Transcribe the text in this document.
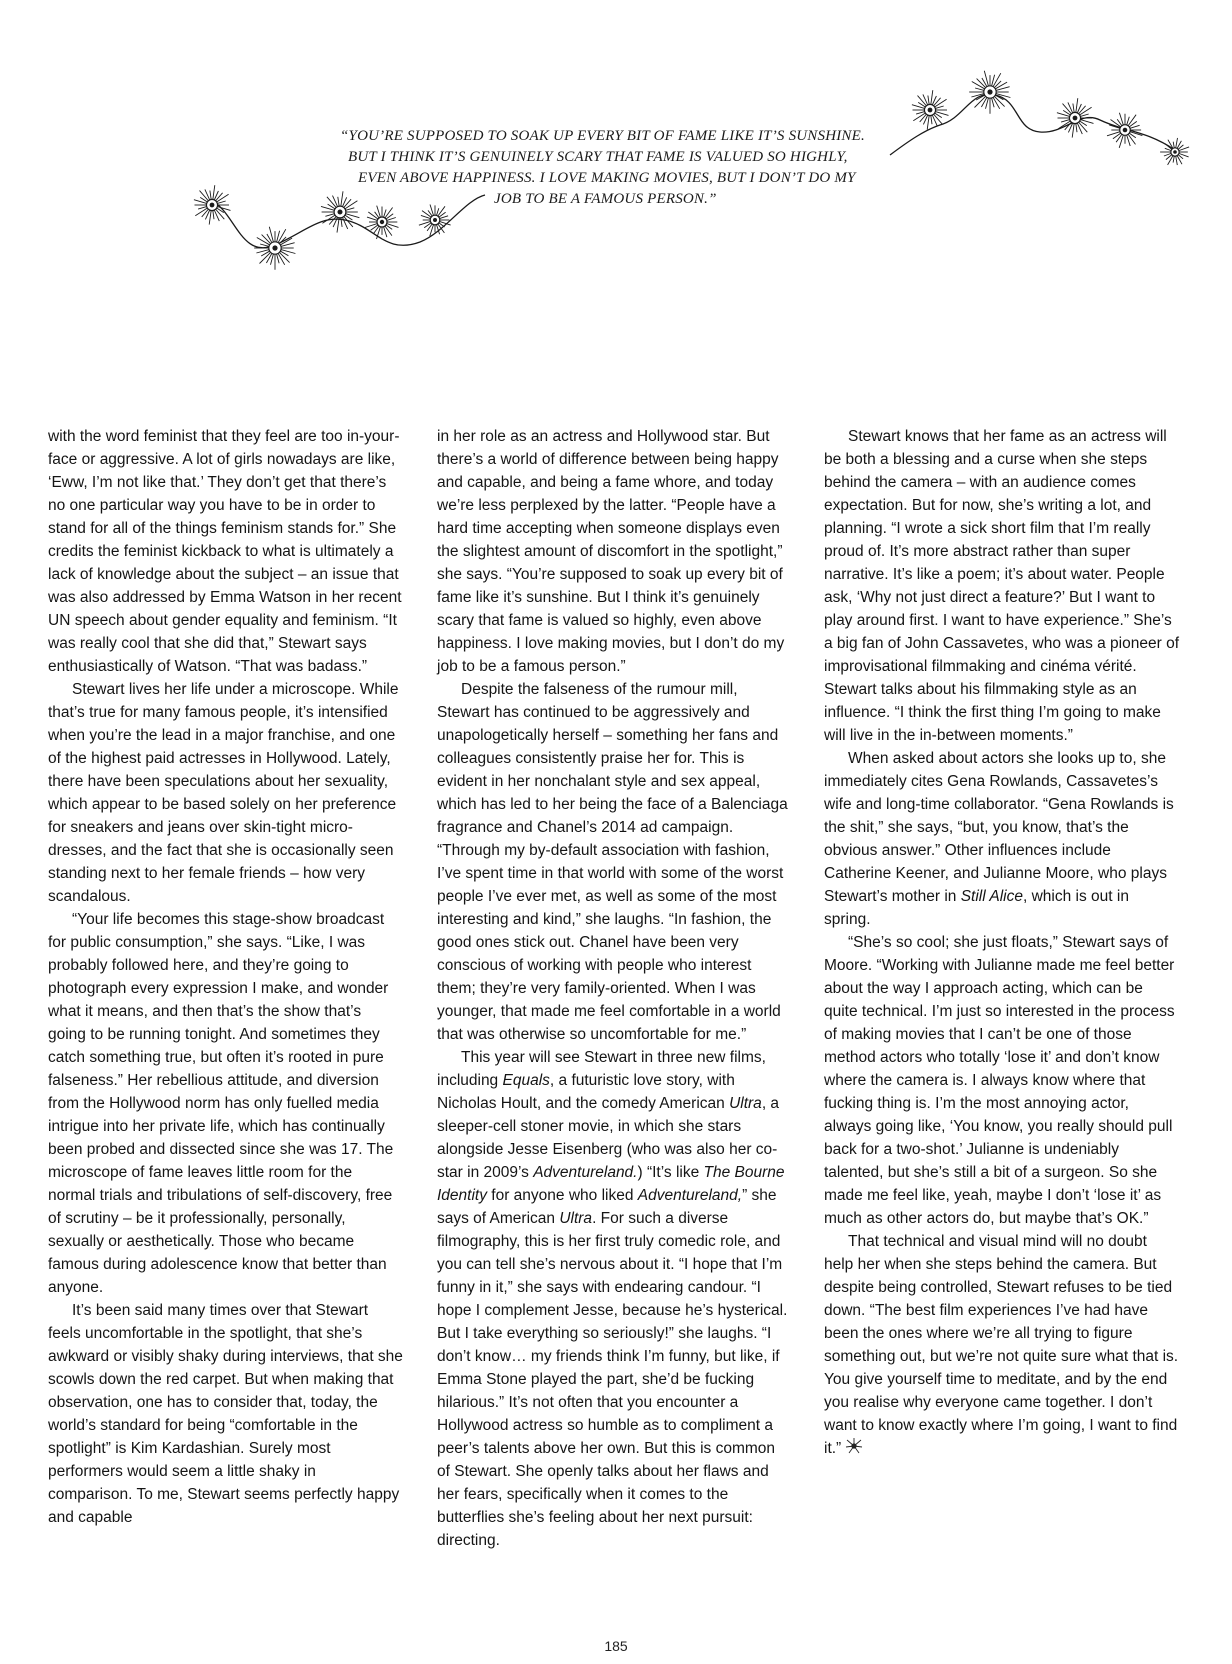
“YOU’RE SUPPOSED TO SOAK UP EVERY BIT OF FAME LIKE IT’S SUNSHINE.
BUT I THINK IT’S GENUINELY SCARY THAT FAME IS VALUED SO HIGHLY,
EVEN ABOVE HAPPINESS. I LOVE MAKING MOVIES, BUT I DON’T DO MY
JOB TO BE A FAMOUS PERSON.”

with the word feminist that they feel are too in-your-face or aggressive. A lot of girls nowadays are like, ‘Eww, I’m not like that.’ They don’t get that there’s no one particular way you have to be in order to stand for all of the things feminism stands for.” She credits the feminist kickback to what is ultimately a lack of knowledge about the subject – an issue that was also addressed by Emma Watson in her recent UN speech about gender equality and feminism. “It was really cool that she did that,” Stewart says enthusiastically of Watson. “That was badass.”

Stewart lives her life under a microscope. While that’s true for many famous people, it’s intensified when you’re the lead in a major franchise, and one of the highest paid actresses in Hollywood. Lately, there have been speculations about her sexuality, which appear to be based solely on her preference for sneakers and jeans over skin-tight micro-dresses, and the fact that she is occasionally seen standing next to her female friends – how very scandalous.

“Your life becomes this stage-show broadcast for public consumption,” she says. “Like, I was probably followed here, and they’re going to photograph every expression I make, and wonder what it means, and then that’s the show that’s going to be running tonight. And sometimes they catch something true, but often it’s rooted in pure falseness.” Her rebellious attitude, and diversion from the Hollywood norm has only fuelled media intrigue into her private life, which has continually been probed and dissected since she was 17. The microscope of fame leaves little room for the normal trials and tribulations of self-discovery, free of scrutiny – be it professionally, personally, sexually or aesthetically. Those who became famous during adolescence know that better than anyone.

It’s been said many times over that Stewart feels uncomfortable in the spotlight, that she’s awkward or visibly shaky during interviews, that she scowls down the red carpet. But when making that observation, one has to consider that, today, the world’s standard for being “comfortable in the spotlight” is Kim Kardashian. Surely most performers would seem a little shaky in comparison. To me, Stewart seems perfectly happy and capable

in her role as an actress and Hollywood star. But there’s a world of difference between being happy and capable, and being a fame whore, and today we’re less perplexed by the latter. “People have a hard time accepting when someone displays even the slightest amount of discomfort in the spotlight,” she says. “You’re supposed to soak up every bit of fame like it’s sunshine. But I think it’s genuinely scary that fame is valued so highly, even above happiness. I love making movies, but I don’t do my job to be a famous person.”

Despite the falseness of the rumour mill, Stewart has continued to be aggressively and unapologetically herself – something her fans and colleagues consistently praise her for. This is evident in her nonchalant style and sex appeal, which has led to her being the face of a Balenciaga fragrance and Chanel’s 2014 ad campaign. “Through my by-default association with fashion, I’ve spent time in that world with some of the worst people I’ve ever met, as well as some of the most interesting and kind,” she laughs. “In fashion, the good ones stick out. Chanel have been very conscious of working with people who interest them; they’re very family-oriented. When I was younger, that made me feel comfortable in a world that was otherwise so uncomfortable for me.”

This year will see Stewart in three new films, including Equals, a futuristic love story, with Nicholas Hoult, and the comedy American Ultra, a sleeper-cell stoner movie, in which she stars alongside Jesse Eisenberg (who was also her co-star in 2009’s Adventureland.) “It’s like The Bourne Identity for anyone who liked Adventureland,” she says of American Ultra. For such a diverse filmography, this is her first truly comedic role, and you can tell she’s nervous about it. “I hope that I’m funny in it,” she says with endearing candour. “I hope I complement Jesse, because he’s hysterical. But I take everything so seriously!” she laughs. “I don’t know… my friends think I’m funny, but like, if Emma Stone played the part, she’d be fucking hilarious.” It’s not often that you encounter a Hollywood actress so humble as to compliment a peer’s talents above her own. But this is common of Stewart. She openly talks about her flaws and her fears, specifically when it comes to the butterflies she’s feeling about her next pursuit: directing.

Stewart knows that her fame as an actress will be both a blessing and a curse when she steps behind the camera – with an audience comes expectation. But for now, she’s writing a lot, and planning. “I wrote a sick short film that I’m really proud of. It’s more abstract rather than super narrative. It’s like a poem; it’s about water. People ask, ‘Why not just direct a feature?’ But I want to play around first. I want to have experience.” She’s a big fan of John Cassavetes, who was a pioneer of improvisational filmmaking and cinéma vérité. Stewart talks about his filmmaking style as an influence. “I think the first thing I’m going to make will live in the in-between moments.”

When asked about actors she looks up to, she immediately cites Gena Rowlands, Cassavetes’s wife and long-time collaborator. “Gena Rowlands is the shit,” she says, “but, you know, that’s the obvious answer.” Other influences include Catherine Keener, and Julianne Moore, who plays Stewart’s mother in Still Alice, which is out in spring.

“She’s so cool; she just floats,” Stewart says of Moore. “Working with Julianne made me feel better about the way I approach acting, which can be quite technical. I’m just so interested in the process of making movies that I can’t be one of those method actors who totally ‘lose it’ and don’t know where the camera is. I always know where that fucking thing is. I’m the most annoying actor, always going like, ‘You know, you really should pull back for a two-shot.’ Julianne is undeniably talented, but she’s still a bit of a surgeon. So she made me feel like, yeah, maybe I don’t ‘lose it’ as much as other actors do, but maybe that’s OK.”

That technical and visual mind will no doubt help her when she steps behind the camera. But despite being controlled, Stewart refuses to be tied down. “The best film experiences I’ve had have been the ones where we’re all trying to figure something out, but we’re not quite sure what that is. You give yourself time to meditate, and by the end you realise why everyone came together. I don’t want to know exactly where I’m going, I want to find it.”

185
